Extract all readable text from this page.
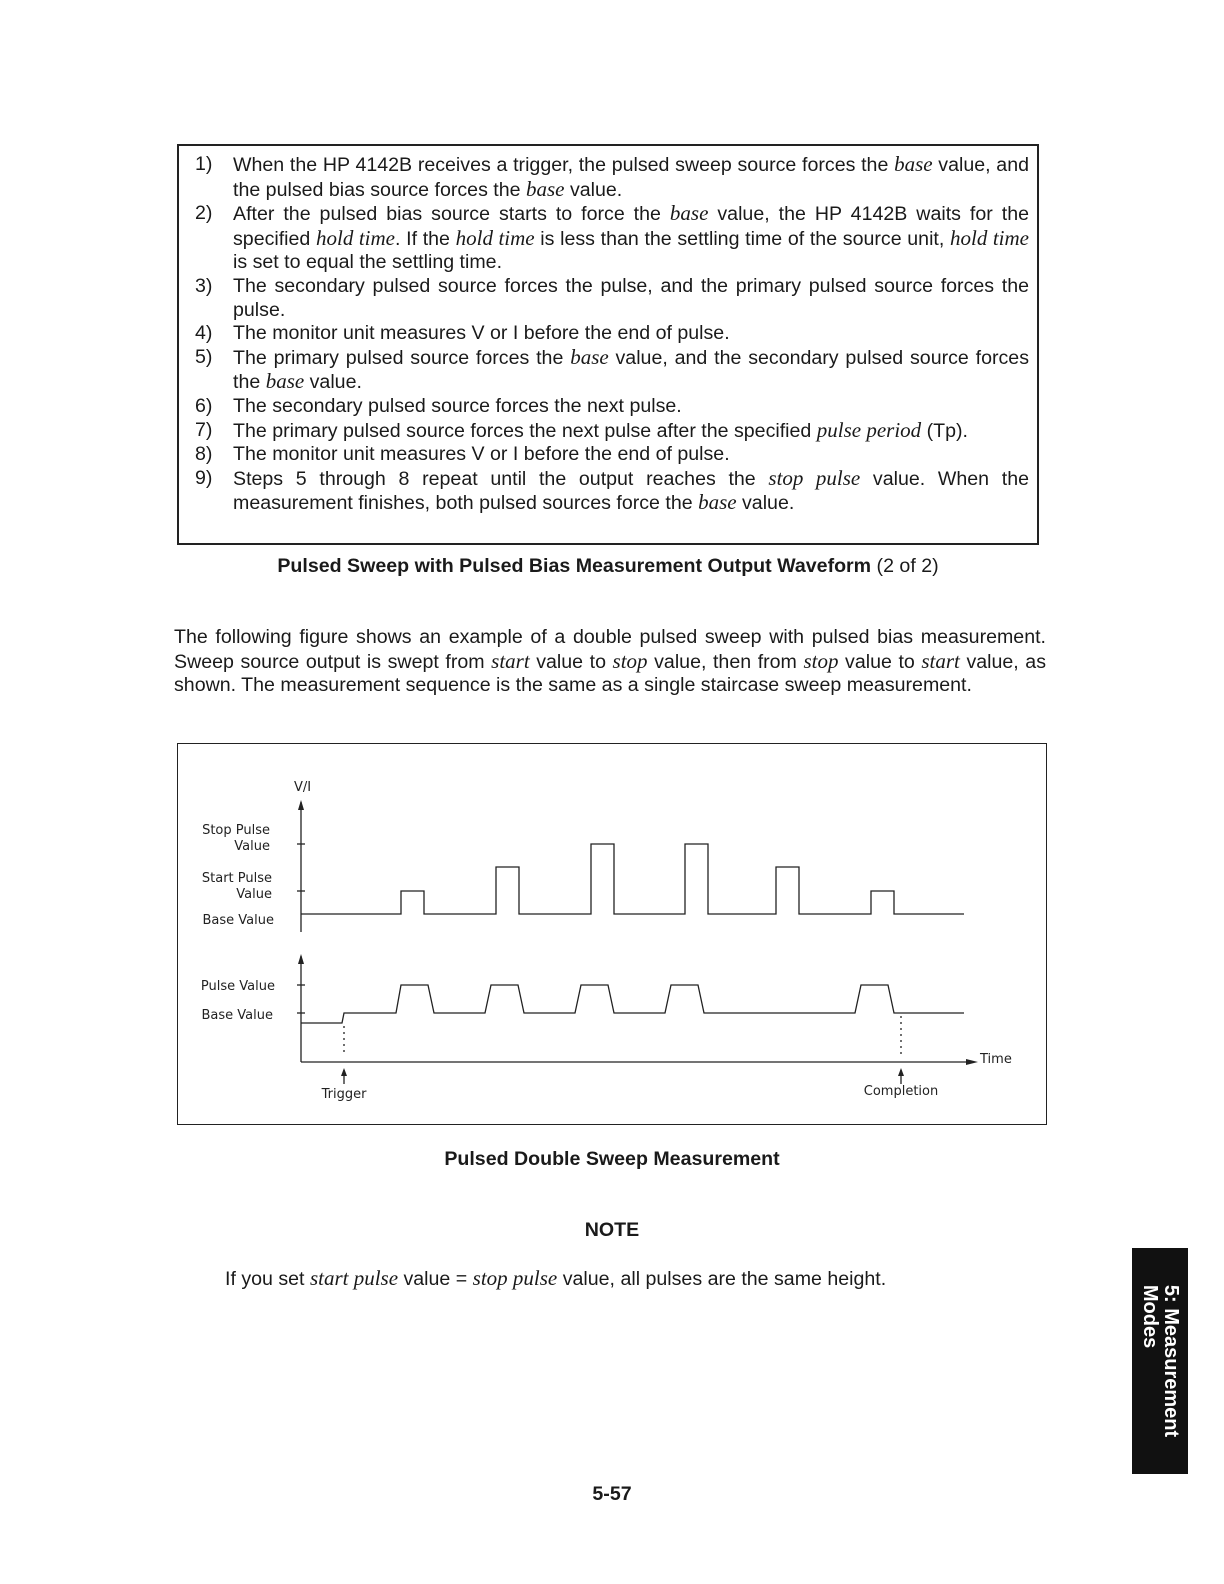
1)	When the HP 4142B receives a trigger, the pulsed sweep source forces the base value, and the pulsed bias source forces the base value.
2)	After the pulsed bias source starts to force the base value, the HP 4142B waits for the specified hold time. If the hold time is less than the settling time of the source unit, hold time is set to equal the settling time.
3)	The secondary pulsed source forces the pulse, and the primary pulsed source forces the pulse.
4)	The monitor unit measures V or I before the end of pulse.
5)	The primary pulsed source forces the base value, and the secondary pulsed source forces the base value.
6)	The secondary pulsed source forces the next pulse.
7)	The primary pulsed source forces the next pulse after the specified pulse period (Tp).
8)	The monitor unit measures V or I before the end of pulse.
9)	Steps 5 through 8 repeat until the output reaches the stop pulse value. When the measurement finishes, both pulsed sources force the base value.
Pulsed Sweep with Pulsed Bias Measurement Output Waveform (2 of 2)
The following figure shows an example of a double pulsed sweep with pulsed bias measurement. Sweep source output is swept from start value to stop value, then from stop value to start value, as shown. The measurement sequence is the same as a single staircase sweep measurement.
V/I
Stop Pulse
Value
Start Pulse
Value
Base Value
Pulse Value
Base Value
Time
Trigger	Completion
Pulsed Double Sweep Measurement
NOTE
If you set start pulse value = stop pulse value, all pulses are the same height.
5-57
5: Measurement
Modes
